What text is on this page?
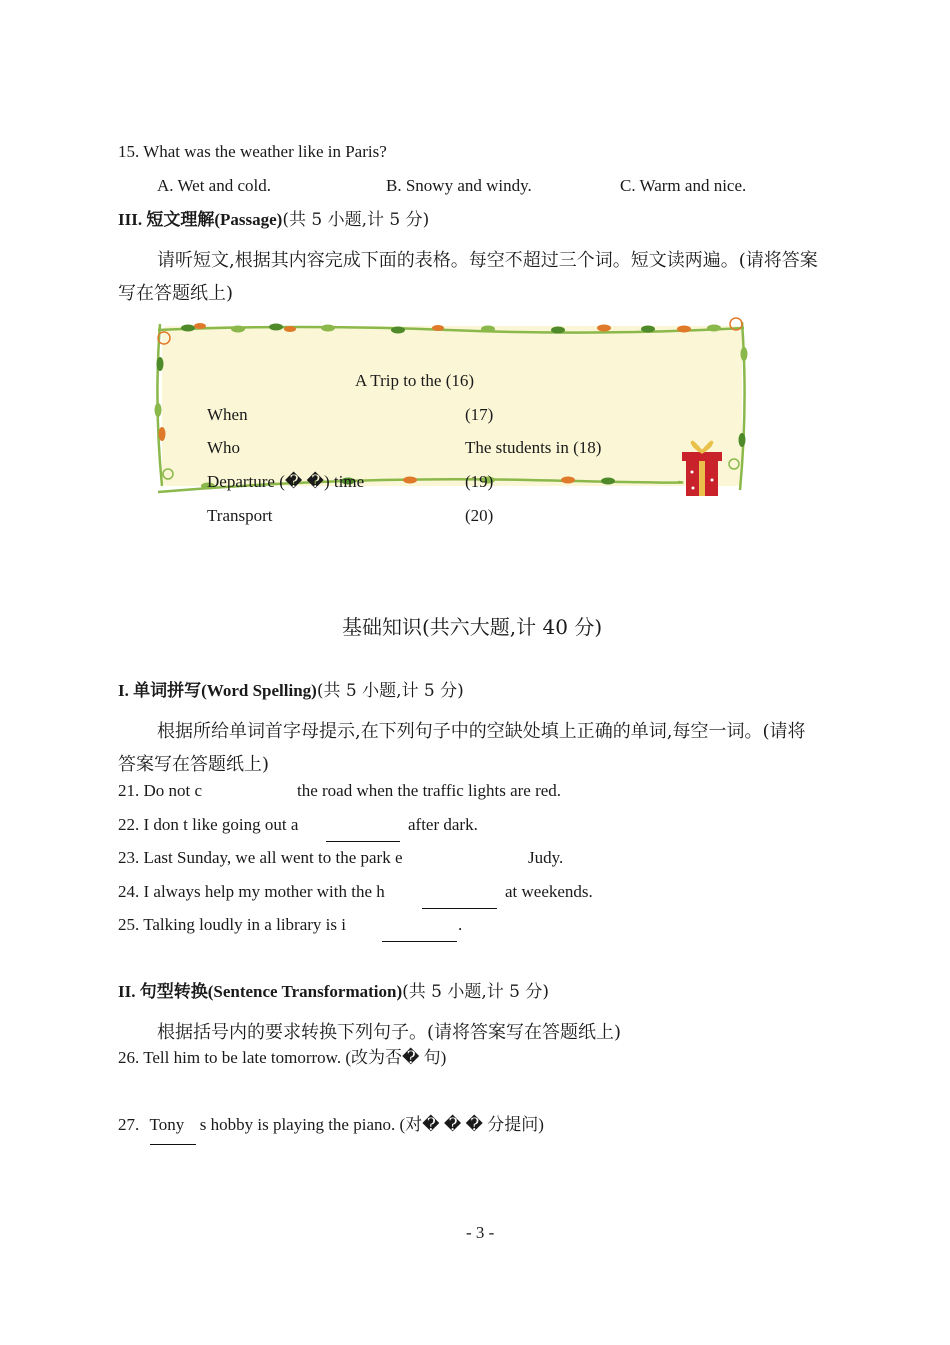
15. What was the weather like in Paris?
A. Wet and cold.	B. Snowy and windy.	C. Warm and nice.
III. 短文理解(Passage)(共 5 小题,计 5 分)
请听短文,根据其内容完成下面的表格。每空不超过三个词。短文读两遍。(请将答案
写在答题纸上)
A Trip to the (16)
When	(17)
Who	The students in (18)
Departure (� �) time	(19)
Transport	(20)
基础知识(共六大题,计 40 分)
I. 单词拼写(Word Spelling)(共 5 小题,计 5 分)
根据所给单词首字母提示,在下列句子中的空缺处填上正确的单词,每空一词。(请将
答案写在答题纸上)
21. Do not c	the road when the traffic lights are red.
22. I don t like going out a	after dark.
23. Last Sunday, we all went to the park e	Judy.
24. I always help my mother with the h	at weekends.
25. Talking loudly in a library is i	.
II. 句型转换(Sentence Transformation)(共 5 小题,计 5 分)
根据括号内的要求转换下列句子。(请将答案写在答题纸上)
26. Tell him to be late tomorrow. (改为否� 句)
27. Tony s hobby is playing the piano. (对� � � 分提问)
- 3 -
